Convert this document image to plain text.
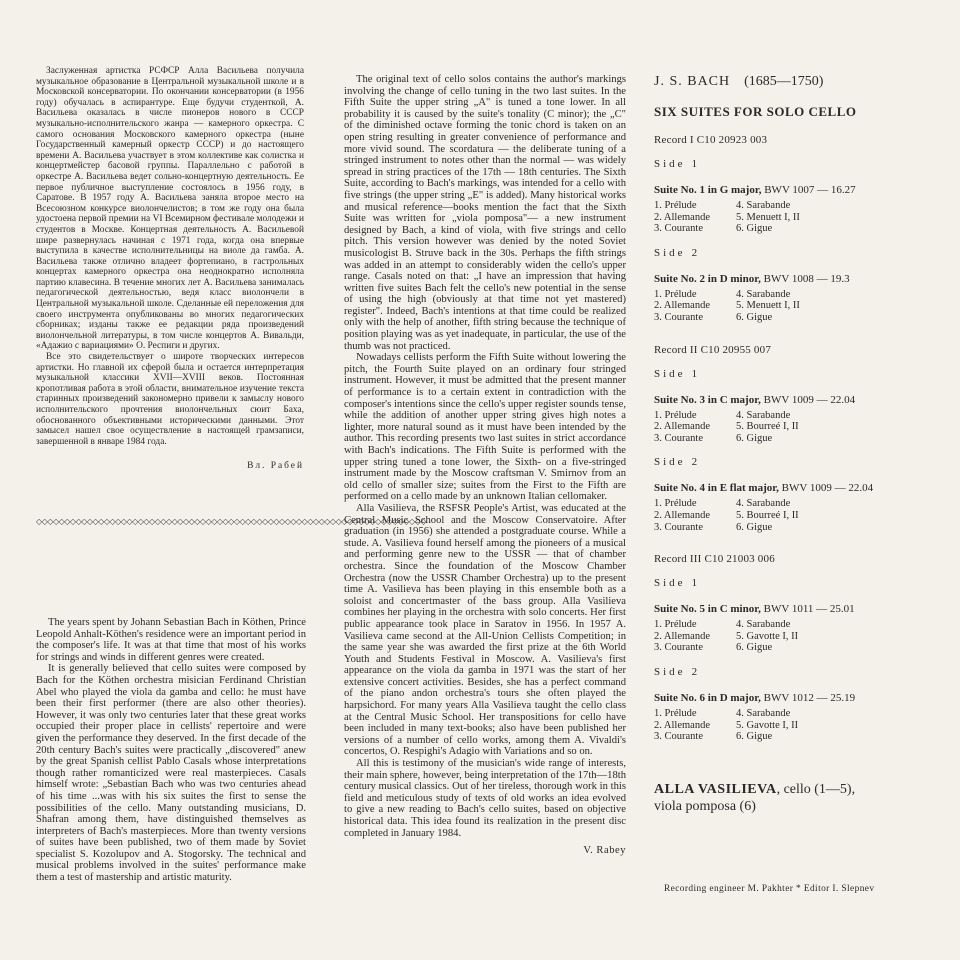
Заслуженная артистка РСФСР Алла Васильева получила музыкальное образование в Центральной музыкальной школе и в Московской консерватории. По окончании консерватории (в 1956 году) обучалась в аспирантуре. Еще будучи студенткой, А. Васильева оказалась в числе пионеров нового в СССР музыкально-исполнительского жанра — камерного оркестра. С самого основания Московского камерного оркестра (ныне Государственный камерный оркестр СССР) и до настоящего времени А. Васильева участвует в этом коллективе как солистка и концертмейстер басовой группы. Параллельно с работой в оркестре А. Васильева ведет сольно-концертную деятельность. Ее первое публичное выступление состоялось в 1956 году, в Саратове. В 1957 году А. Васильева заняла второе место на Всесоюзном конкурсе виолончелистов; в том же году она была удостоена первой премии на VI Всемирном фестивале молодежи и студентов в Москве. Концертная деятельность А. Васильевой шире развернулась начиная с 1971 года, когда она впервые выступила в качестве исполнительницы на виоле да гамба. А. Васильева также отлично владеет фортепиано, в гастрольных концертах камерного оркестра она неоднократно исполняла партию клавесина. В течение многих лет А. Васильева занималась педагогической деятельностью, ведя класс виолончели в Центральной музыкальной школе. Сделанные ей переложения для своего инструмента опубликованы во многих педагогических сборниках; изданы также ее редакции ряда произведений виолончельной литературы, в том числе концертов А. Вивальди, «Адажио с вариациями» О. Респиги и других.

Все это свидетельствует о широте творческих интересов артистки. Но главной их сферой была и остается интерпретация музыкальной классики XVII—XVIII веков. Постоянная кропотливая работа в этой области, внимательное изучение текста старинных произведений закономерно привели к замыслу нового исполнительского прочтения виолончельных сюит Баха, обоснованного объективными историческими данными. Этот замысел нашел свое осуществление в настоящей грамзаписи, завершенной в январе 1984 года.

Вл. Рабей

◇◇◇◇◇◇◇◇◇◇◇◇◇◇◇◇◇◇◇◇◇◇◇◇◇◇◇◇◇◇◇◇◇◇◇◇◇◇◇◇◇◇◇◇◇◇◇◇◇◇◇◇◇◇◇◇◇◇◇◇◇◇◇◇◇◇◇◇◇

The years spent by Johann Sebastian Bach in Köthen, Prince Leopold Anhalt-Köthen's residence were an important period in the composer's life. It was at that time that most of his works for strings and winds in different genres were created.

It is generally believed that cello suites were composed by Bach for the Köthen orchestra misician Ferdinand Christian Abel who played the viola da gamba and cello: he must have been their first performer (there are also other theories). However, it was only two centuries later that these great works occupied their proper place in cellists' repertoire and were given the performance they deserved. In the first decade of the 20th century Bach's suites were practically „discovered" anew by the great Spanish cellist Pablo Casals whose interpretations though rather romanticized were real masterpieces. Casals himself wrote: „Sebastian Bach who was two centuries ahead of his time ...was with his six suites the first to sense the possibilities of the cello. Many outstanding musicians, D. Shafran among them, have distinguished themselves as interpreters of Bach's masterpieces. More than twenty versions of suites have been published, two of them made by Soviet specialist S. Kozolupov and A. Stogorsky. The technical and musical problems involved in the suites' performance make them a test of mastership and artistic maturity.

The original text of cello solos contains the author's markings involving the change of cello tuning in the two last suites. In the Fifth Suite the upper string „A" is tuned a tone lower. In all probability it is caused by the suite's tonality (C minor); the „C" of the diminished octave forming the tonic chord is taken on an open string resulting in greater convenience of performance and more vivid sound. The scordatura — the deliberate tuning of a stringed instrument to notes other than the normal — was widely spread in string practices of the 17th — 18th centuries. The Sixth Suite, according to Bach's markings, was intended for a cello with five strings (the upper string „E" is added). Many historical works and musical reference—books mention the fact that the Sixth Suite was written for „viola pomposa"— a new instrument designed by Bach, a kind of viola, with five strings and cello pitch. This version however was denied by the noted Soviet musicologist B. Struve back in the 30s. Perhaps the fifth strings was added in an attempt to considerably widen the cello's upper range. Casals noted on that: „I have an impression that having written five suites Bach felt the cello's new potential in the sense of using the high (obviously at that time not yet mastered) register". Indeed, Bach's intentions at that time could be realized only with the help of another, fifth string because the technique of position playing was as yet inadequate, in particular, the use of the thumb was not practiced.

Nowadays cellists perform the Fifth Suite without lowering the pitch, the Fourth Suite played on an ordinary four stringed instrument. However, it must be admitted that the present manner of performance is to a certain extent in contradiction with the composer's intentions since the cello's upper register sounds tense, while the addition of another upper string gives high notes a lighter, more natural sound as it must have been intended by the author. This recording presents two last suites in strict accordance with Bach's indications. The Fifth Suite is performed with the upper string tuned a tone lower, the Sixth- on a five-stringed instrument made by the Moscow craftsman V. Smirnov from an old cello of smaller size; suites from the First to the Fifth are performed on a cello made by an unknown Italian cellomaker.

Alla Vasilieva, the RSFSR People's Artist, was educated at the Central Music School and the Moscow Conservatoire. After graduation (in 1956) she attended a postgraduate course. While a stude. A. Vasilieva found herself among the pioneers of a musical and performing genre new to the USSR — that of chamber orchestra. Since the foundation of the Moscow Chamber Orchestra (now the USSR Chamber Orchestra) up to the present time A. Vasilieva has been playing in this ensemble both as a soloist and concertmaster of the bass group. Alla Vasilieva combines her playing in the orchestra with solo concerts. Her first public appearance took place in Saratov in 1956. In 1957 A. Vasilieva came second at the All-Union Cellists Competition; in the same year she was awarded the first prize at the 6th World Youth and Students Festival in Moscow. A. Vasilieva's first appearance on the viola da gamba in 1971 was the start of her extensive concert activities. Besides, she has a perfect command of the piano andon orchestra's tours she often played the harpsichord. For many years Alla Vasilieva taught the cello class at the Central Music School. Her transpositions for cello have been included in many text-books; also have been published her versions of a number of cello works, among them A. Vivaldi's concertos, O. Respighi's Adagio with Variations and so on.

All this is testimony of the musician's wide range of interests, their main sphere, however, being interpretation of the 17th—18th century musical classics. Out of her tireless, thorough work in this field and meticulous study of texts of old works an idea evolved to give a new reading to Bach's cello suites, based on objective historical data. This idea found its realization in the present disc completed in January 1984.

V. Rabey

J. S. BACH (1685—1750)
SIX SUITES FOR SOLO CELLO
Record I C10 20923 003
Side 1
Suite No. 1 in G major, BWV 1007 — 16.27
1. Prélude	4. Sarabande
2. Allemande	5. Menuett I, II
3. Courante	6. Gigue
Side 2
Suite No. 2 in D minor, BWV 1008 — 19.3
1. Prélude	4. Sarabande
2. Allemande	5. Menuett I, II
3. Courante	6. Gigue
Record II C10 20955 007
Side 1
Suite No. 3 in C major, BWV 1009 — 22.04
1. Prélude	4. Sarabande
2. Allemande	5. Bourreé I, II
3. Courante	6. Gigue
Side 2
Suite No. 4 in E flat major, BWV 1009 — 22.04
1. Prélude	4. Sarabande
2. Allemande	5. Bourreé I, II
3. Courante	6. Gigue
Record III C10 21003 006
Side 1
Suite No. 5 in C minor, BWV 1011 — 25.01
1. Prélude	4. Sarabande
2. Allemande	5. Gavotte I, II
3. Courante	6. Gigue
Side 2
Suite No. 6 in D major, BWV 1012 — 25.19
1. Prélude	4. Sarabande
2. Allemande	5. Gavotte I, II
3. Courante	6. Gigue
ALLA VASILIEVA, cello (1—5),
viola pomposa (6)
Recording engineer M. Pakhter * Editor I. Slepnev
